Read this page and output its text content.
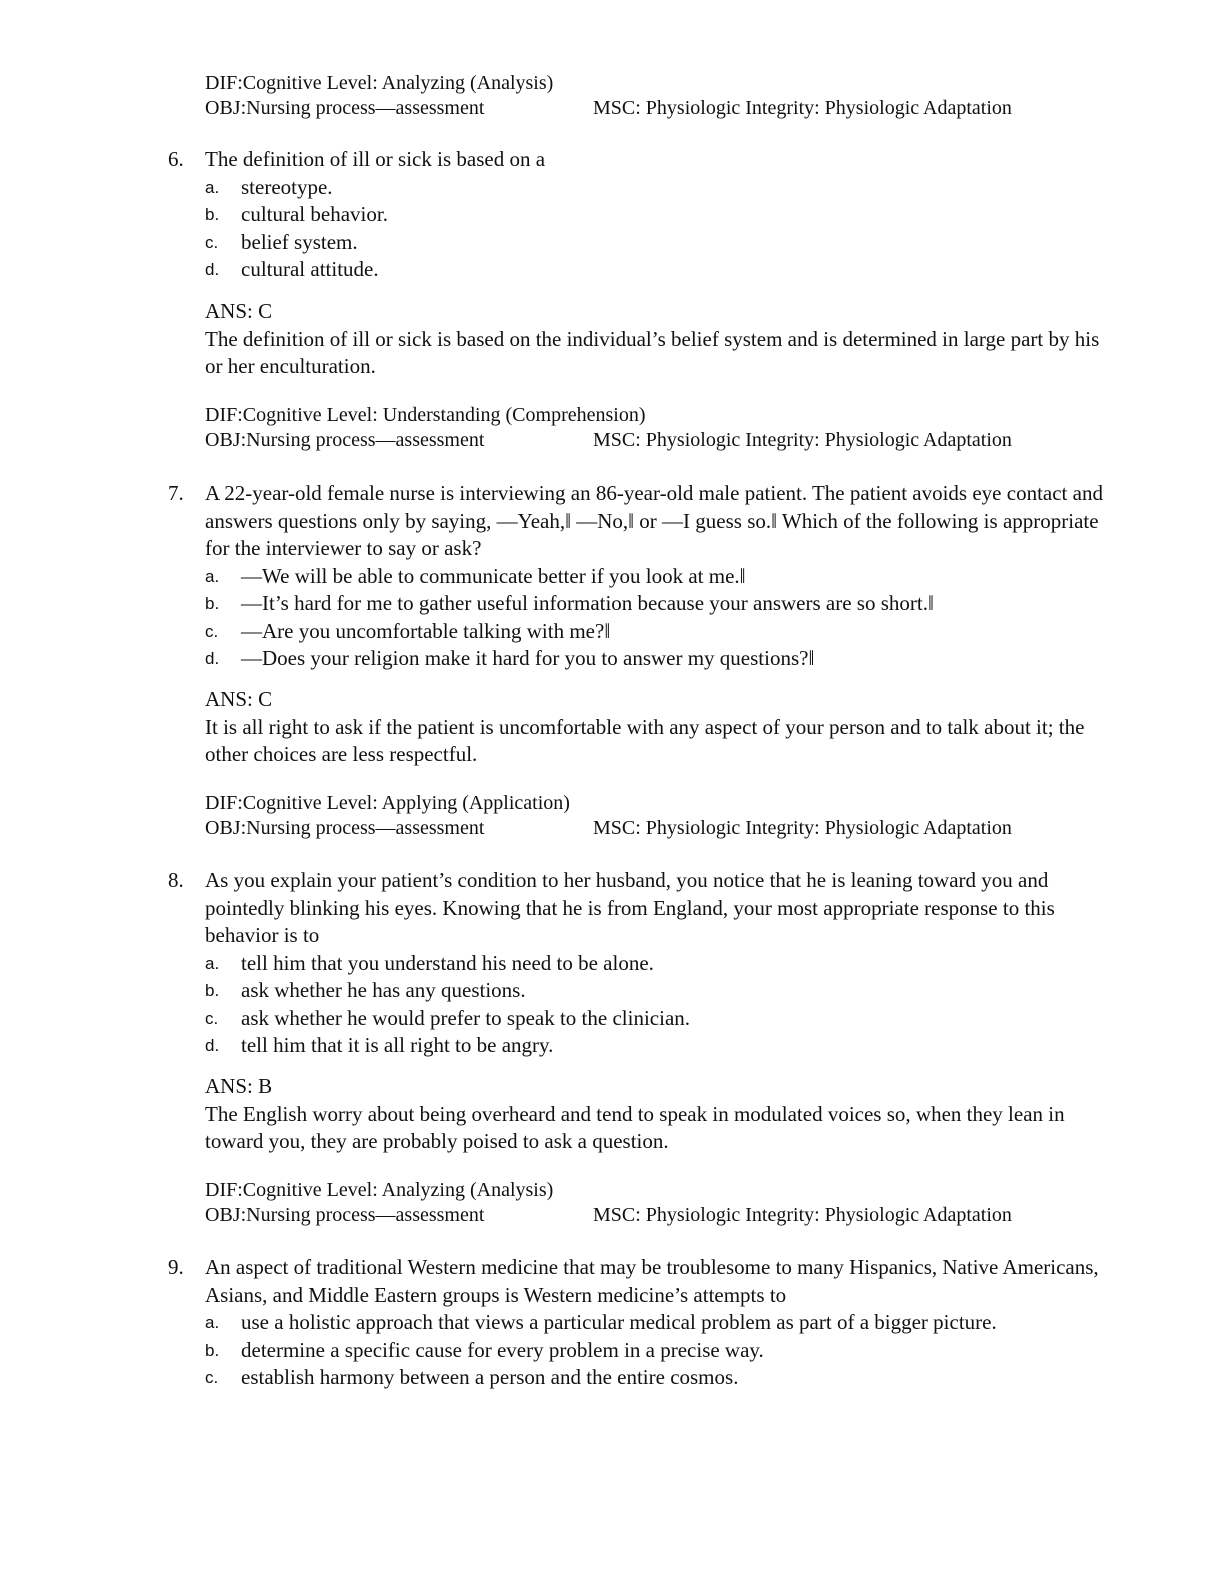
DIF:Cognitive Level: Analyzing (Analysis)
OBJ:Nursing process—assessment	MSC: Physiologic Integrity: Physiologic Adaptation
6. The definition of ill or sick is based on a
a. stereotype.
b. cultural behavior.
c. belief system.
d. cultural attitude.
ANS: C
The definition of ill or sick is based on the individual’s belief system and is determined in large part by his or her enculturation.
DIF:Cognitive Level: Understanding (Comprehension)
OBJ:Nursing process—assessment	MSC: Physiologic Integrity: Physiologic Adaptation
7. A 22-year-old female nurse is interviewing an 86-year-old male patient. The patient avoids eye contact and answers questions only by saying, ―Yeah,‖ ―No,‖ or ―I guess so.‖ Which of the following is appropriate for the interviewer to say or ask?
a. ―We will be able to communicate better if you look at me.‖
b. ―It’s hard for me to gather useful information because your answers are so short.‖
c. ―Are you uncomfortable talking with me?‖
d. ―Does your religion make it hard for you to answer my questions?‖
ANS: C
It is all right to ask if the patient is uncomfortable with any aspect of your person and to talk about it; the other choices are less respectful.
DIF:Cognitive Level: Applying (Application)
OBJ:Nursing process—assessment	MSC: Physiologic Integrity: Physiologic Adaptation
8. As you explain your patient’s condition to her husband, you notice that he is leaning toward you and pointedly blinking his eyes. Knowing that he is from England, your most appropriate response to this behavior is to
a. tell him that you understand his need to be alone.
b. ask whether he has any questions.
c. ask whether he would prefer to speak to the clinician.
d. tell him that it is all right to be angry.
ANS: B
The English worry about being overheard and tend to speak in modulated voices so, when they lean in toward you, they are probably poised to ask a question.
DIF:Cognitive Level: Analyzing (Analysis)
OBJ:Nursing process—assessment	MSC: Physiologic Integrity: Physiologic Adaptation
9. An aspect of traditional Western medicine that may be troublesome to many Hispanics, Native Americans, Asians, and Middle Eastern groups is Western medicine’s attempts to
a. use a holistic approach that views a particular medical problem as part of a bigger picture.
b. determine a specific cause for every problem in a precise way.
c. establish harmony between a person and the entire cosmos.
